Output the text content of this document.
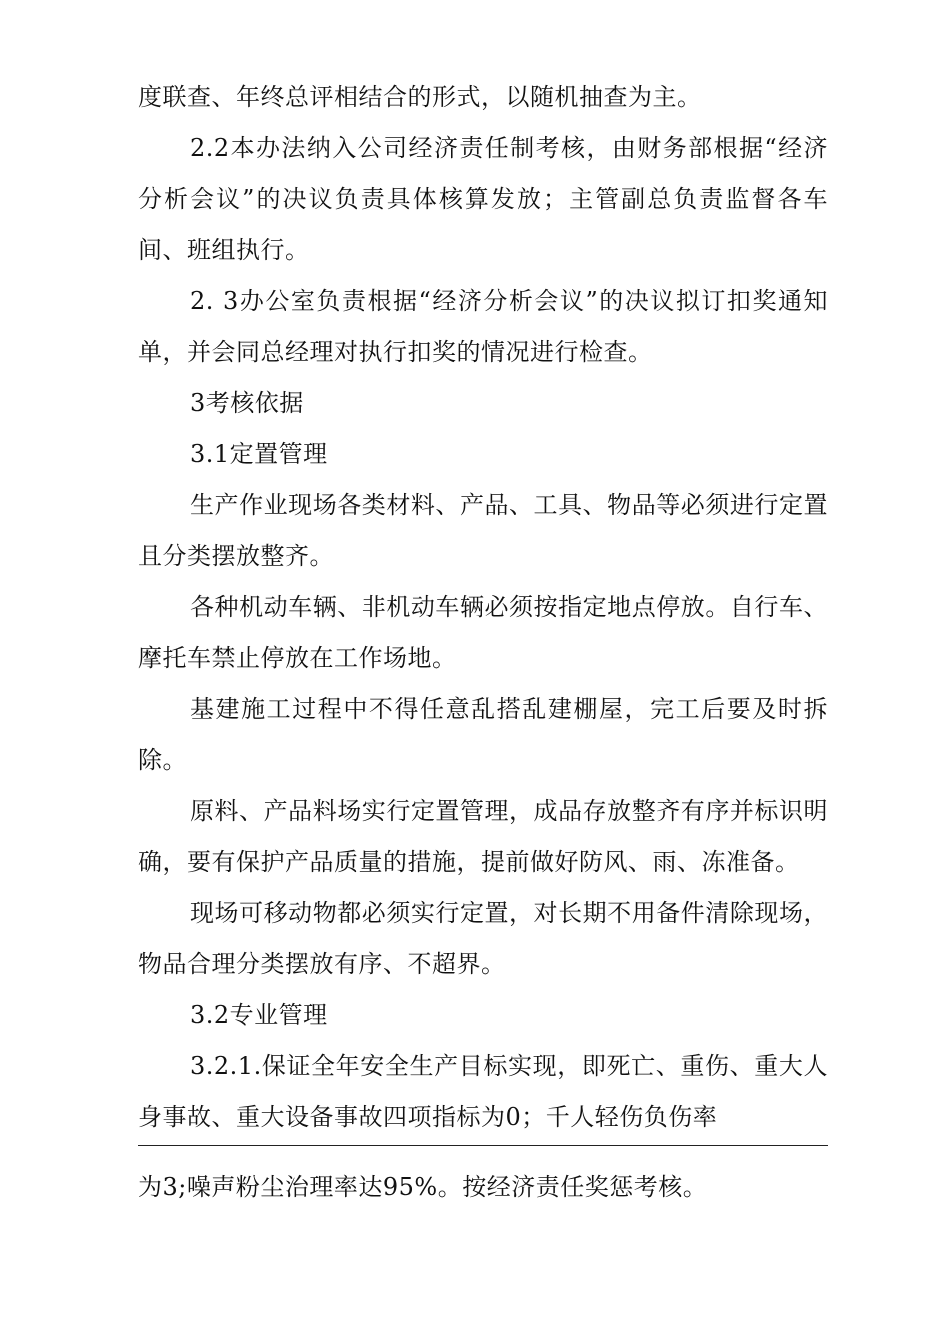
度联查、年终总评相结合的形式，以随机抽查为主。

2.2本办法纳入公司经济责任制考核，由财务部根据“经济分析会议”的决议负责具体核算发放；主管副总负责监督各车间、班组执行。

2. 3办公室负责根据“经济分析会议”的决议拟订扣奖通知单，并会同总经理对执行扣奖的情况进行检查。

3考核依据

3.1定置管理

生产作业现场各类材料、产品、工具、物品等必须进行定置且分类摆放整齐。

各种机动车辆、非机动车辆必须按指定地点停放。自行车、摩托车禁止停放在工作场地。

基建施工过程中不得任意乱搭乱建棚屋，完工后要及时拆除。

原料、产品料场实行定置管理，成品存放整齐有序并标识明确，要有保护产品质量的措施，提前做好防风、雨、冻准备。

现场可移动物都必须实行定置，对长期不用备件清除现场，物品合理分类摆放有序、不超界。

3.2专业管理

3.2.1.保证全年安全生产目标实现，即死亡、重伤、重大人身事故、重大设备事故四项指标为0；千人轻伤负伤率

为3;噪声粉尘治理率达95%。按经济责任奖惩考核。
